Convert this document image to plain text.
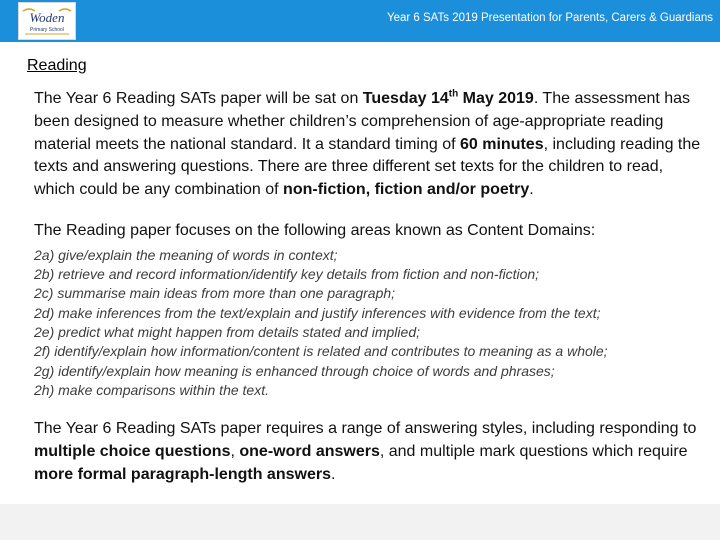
Woden
Primary School
Year 6 SATs 2019 Presentation for Parents, Carers & Guardians
Reading

The Year 6 Reading SATs paper will be sat on Tuesday 14th May 2019. The assessment has been designed to measure whether children’s comprehension of age-appropriate reading material meets the national standard. It a standard timing of 60 minutes, including reading the texts and answering questions. There are three different set texts for the children to read, which could be any combination of non-fiction, fiction and/or poetry.

The Reading paper focuses on the following areas known as Content Domains:

2a) give/explain the meaning of words in context;
2b) retrieve and record information/identify key details from fiction and non-fiction;
2c) summarise main ideas from more than one paragraph;
2d) make inferences from the text/explain and justify inferences with evidence from the text;
2e) predict what might happen from details stated and implied;
2f) identify/explain how information/content is related and contributes to meaning as a whole;
2g) identify/explain how meaning is enhanced through choice of words and phrases;
2h) make comparisons within the text.

The Year 6 Reading SATs paper requires a range of answering styles, including responding to multiple choice questions, one-word answers, and multiple mark questions which require more formal paragraph-length answers.
